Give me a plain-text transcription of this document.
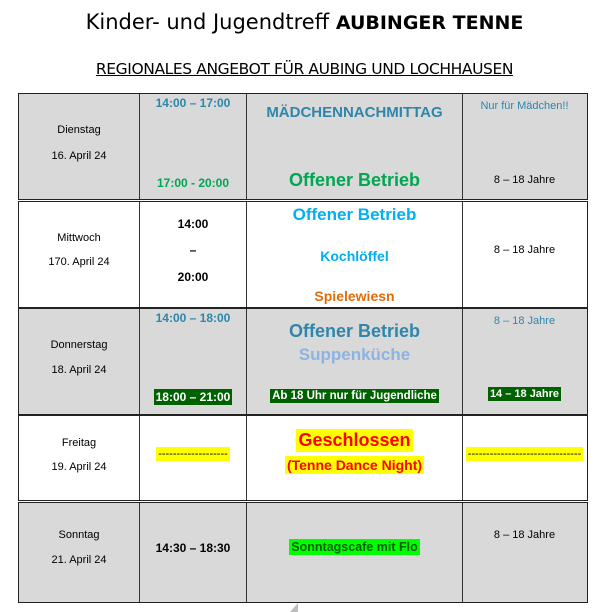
Kinder- und Jugendtreff AUBINGER TENNE
REGIONALES ANGEBOT FÜR AUBING UND LOCHHAUSEN
Dienstag
16. April 24
14:00 – 17:00
17:00 - 20:00
MÄDCHENNACHMITTAG
Offener Betrieb
Nur für Mädchen!!
8 – 18 Jahre
Mittwoch
170. April 24
14:00
–
20:00
Offener Betrieb
Kochlöffel
Spielewiesn
8 – 18 Jahre
Donnerstag
18. April 24
14:00 – 18:00
18:00 – 21:00
Offener Betrieb
Suppenküche
Ab 18 Uhr nur für Jugendliche
8 – 18 Jahre
14 – 18 Jahre
Freitag
19. April 24
-------------------
Geschlossen
(Tenne Dance Night)
-------------------------------
Sonntag
21. April 24
14:30 – 18:30	Sonntagscafe mit Flo
8 – 18 Jahre
